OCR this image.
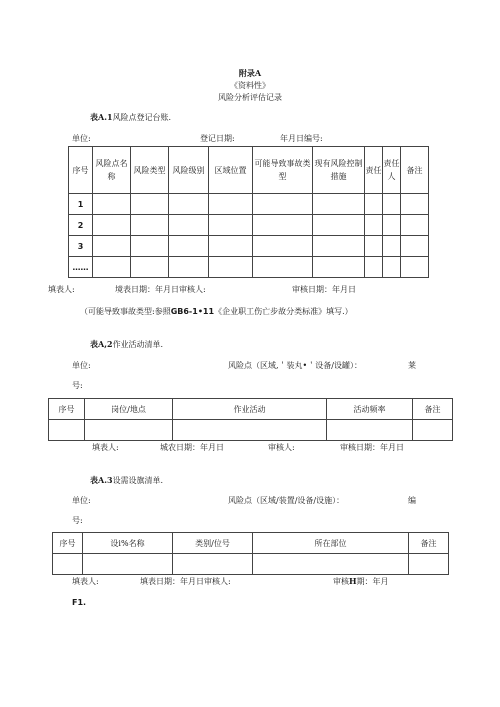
附录A
《资料性》
风险分析评估记录
表A.1风险点登记台账.
单位:	登记日期:	年月日编号:
序号	风险点名称	风险类型	风险级别	区域位置	可能导致事故类型	现有风险控制措施	责任	责任人	备注
1									
2									
3									
……									
填表人:	境表日期：年月日审核人:	审核日期：年月日
（可能导致事故类型:参照GB6-1•11《企业职工伤亡步故分类标准》填写.）
表A,2作业活动清单.
单位:	风险点（区域,＇装丸•＇设备/设罐）：	莱
号:
序号	岗位/地点	作业活动	活动频率	备注

填表人:	城农日期：年月日	审核人:	审核日期：年月日
表A.3设需设旗清单.
单位:	风险点（区域/装置/设备/设施）：	编
号:
序号	设i%名称	类别/位号	所在部位	备注

填表人:	填表日期：年月日审核人:	审核H期：年月
F1.
